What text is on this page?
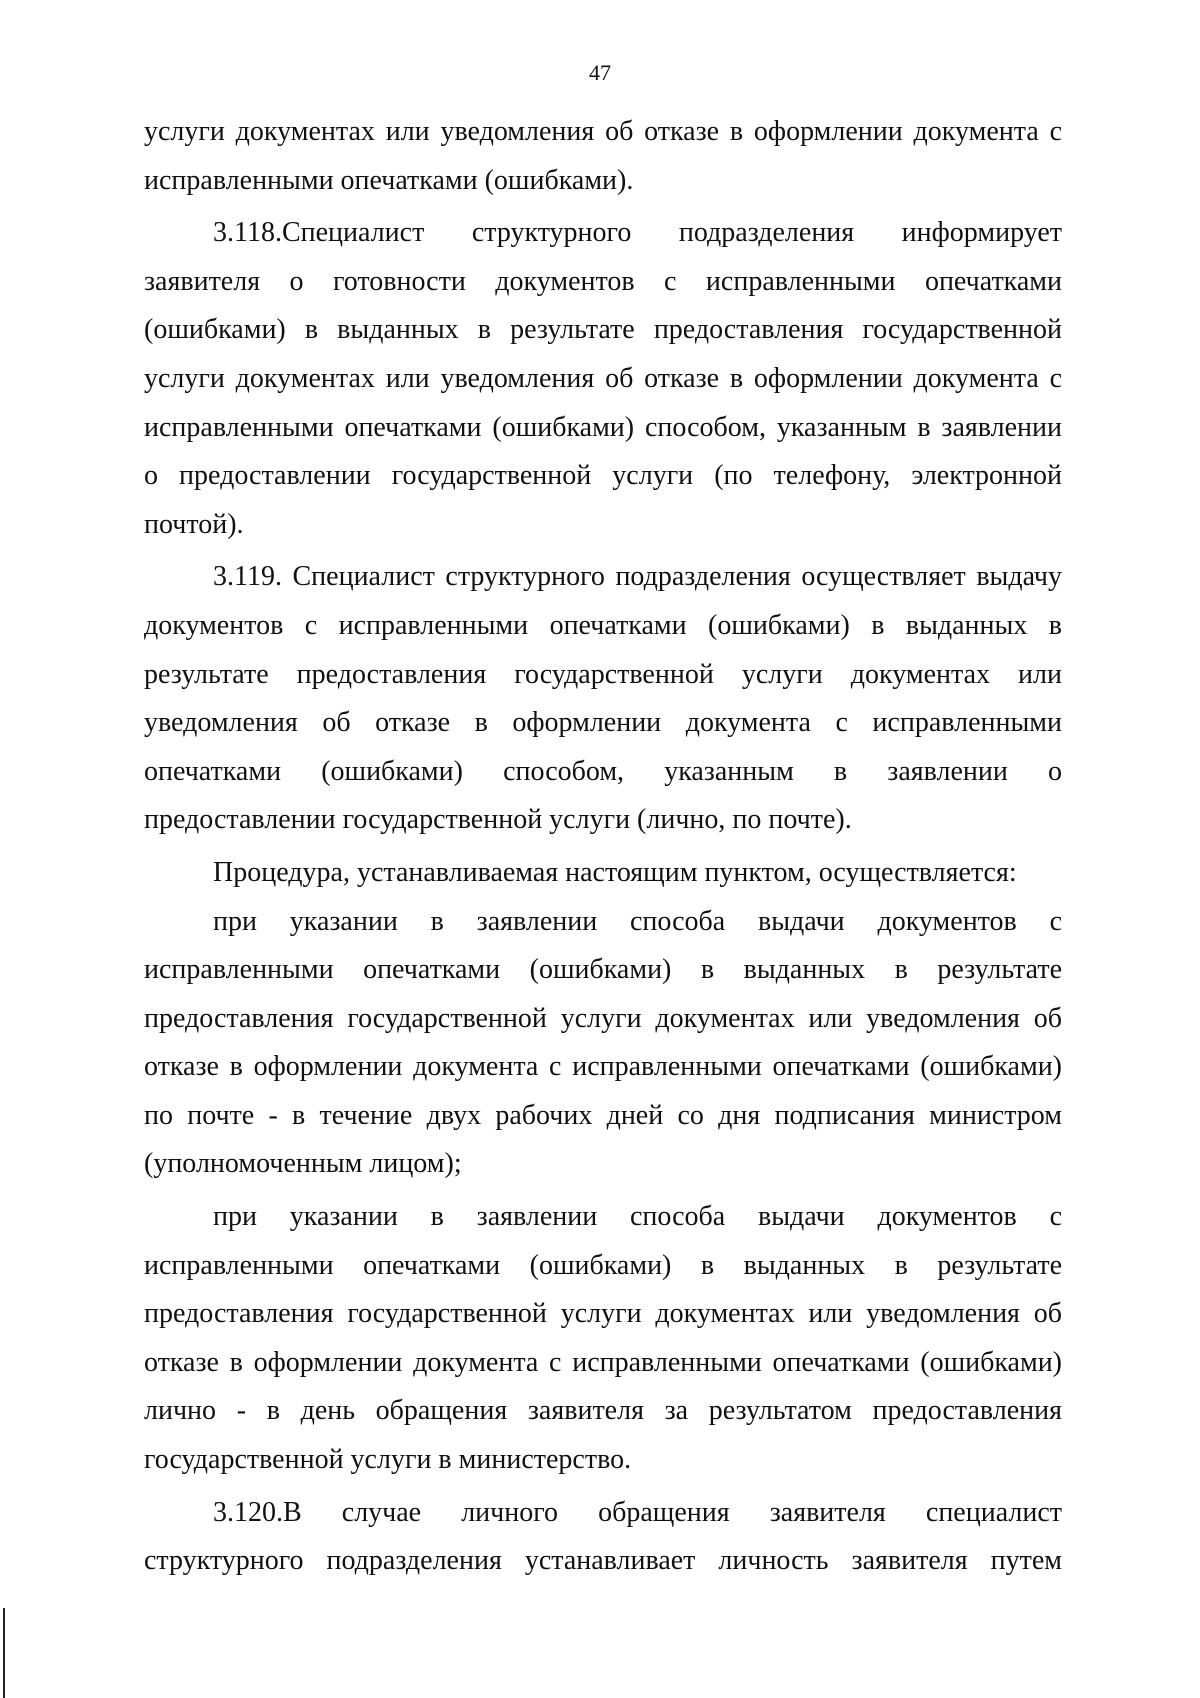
47
услуги документах или уведомления об отказе в оформлении документа с
исправленными опечатками (ошибками).
3.118.Специалист структурного подразделения информирует
заявителя о готовности документов с исправленными опечатками
(ошибками) в выданных в результате предоставления государственной
услуги документах или уведомления об отказе в оформлении документа с
исправленными опечатками (ошибками) способом, указанным в заявлении
о предоставлении государственной услуги (по телефону, электронной
почтой).
3.119. Специалист структурного подразделения осуществляет выдачу
документов с исправленными опечатками (ошибками) в выданных в
результате предоставления государственной услуги документах или
уведомления об отказе в оформлении документа с исправленными
опечатками (ошибками) способом, указанным в заявлении о
предоставлении государственной услуги (лично, по почте).
Процедура, устанавливаемая настоящим пунктом, осуществляется:
при указании в заявлении способа выдачи документов с
исправленными опечатками (ошибками) в выданных в результате
предоставления государственной услуги документах или уведомления об
отказе в оформлении документа с исправленными опечатками (ошибками)
по почте - в течение двух рабочих дней со дня подписания министром
(уполномоченным лицом);
при указании в заявлении способа выдачи документов с
исправленными опечатками (ошибками) в выданных в результате
предоставления государственной услуги документах или уведомления об
отказе в оформлении документа с исправленными опечатками (ошибками)
лично - в день обращения заявителя за результатом предоставления
государственной услуги в министерство.
3.120.В случае личного обращения заявителя специалист
структурного подразделения устанавливает личность заявителя путем
